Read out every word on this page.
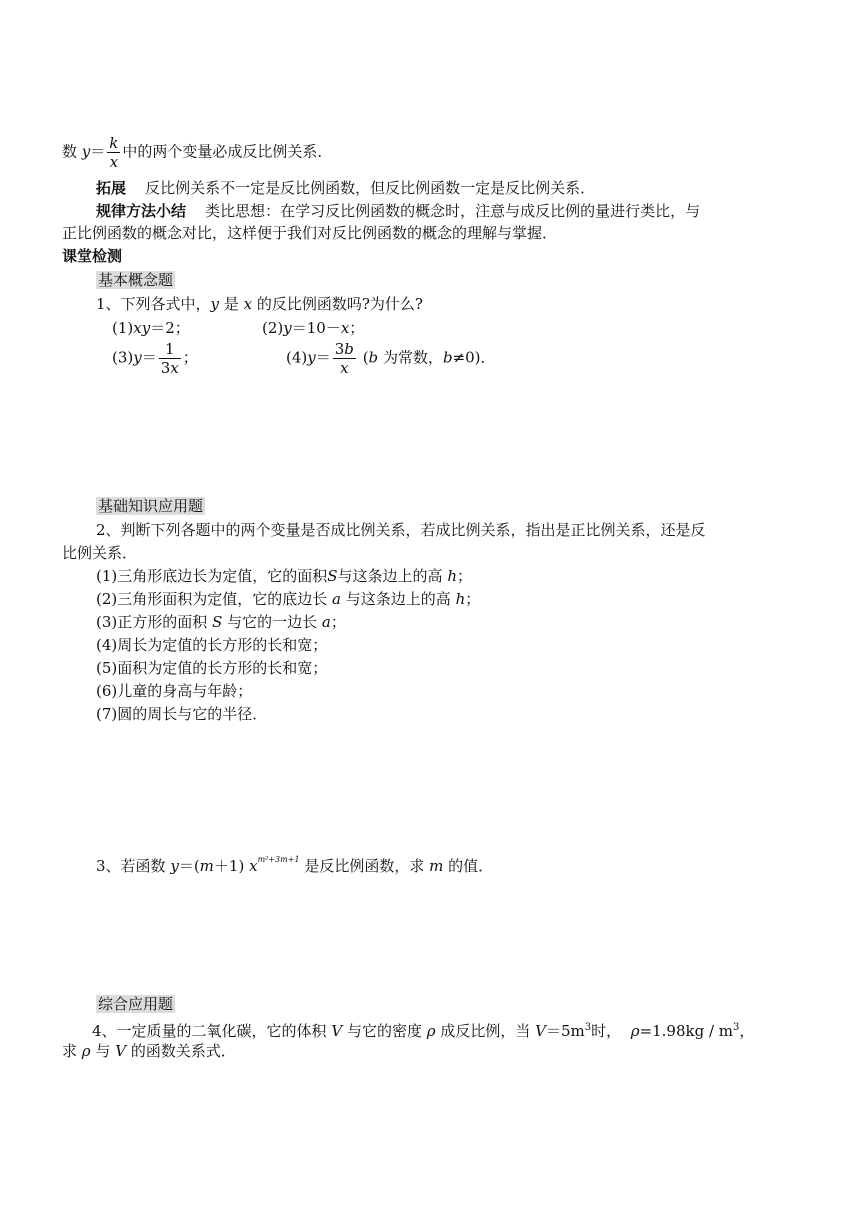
数 $y= \frac{k}{x}$ 中的两个变量必成反比例关系．
拓展 反比例关系不一定是反比例函数，但反比例函数一定是反比例关系．
规律方法小结 类比思想：在学习反比例函数的概念时，注意与成反比例的量进行类比，与
正比例函数的概念对比，这样便于我们对反比例函数的概念的理解与掌握．
课堂检测
基本概念题
1、下列各式中，y 是 x 的反比例函数吗?为什么?
(1)xy＝2；	(2)y＝10－x；
$(3)y= \frac{1}{3x}$ ；	$(4)y= \frac{3b}{x} (b$ 为常数，b≠0)．
基础知识应用题
2、判断下列各题中的两个变量是否成比例关系，若成比例关系，指出是正比例关系，还是反
比例关系．
(1)三角形底边长为定值，它的面积S与这条边上的高 h；
(2)三角形面积为定值，它的底边长 a 与这条边上的高 h；
(3)正方形的面积 S 与它的一边长 a；
(4)周长为定值的长方形的长和宽；
(5)面积为定值的长方形的长和宽；
(6)儿童的身高与年龄；
(7)圆的周长与它的半径．
3、若函数 y＝(m＋1) $x^{m^2+3m+1}$ 是反比例函数，求 m 的值．
综合应用题
4、一定质量的二氧化碳，它的体积 V 与它的密度 ρ 成反比例，当 $V=5m^3$时， $\rho=1.98kg / m^3$，
求 ρ 与 V 的函数关系式．
